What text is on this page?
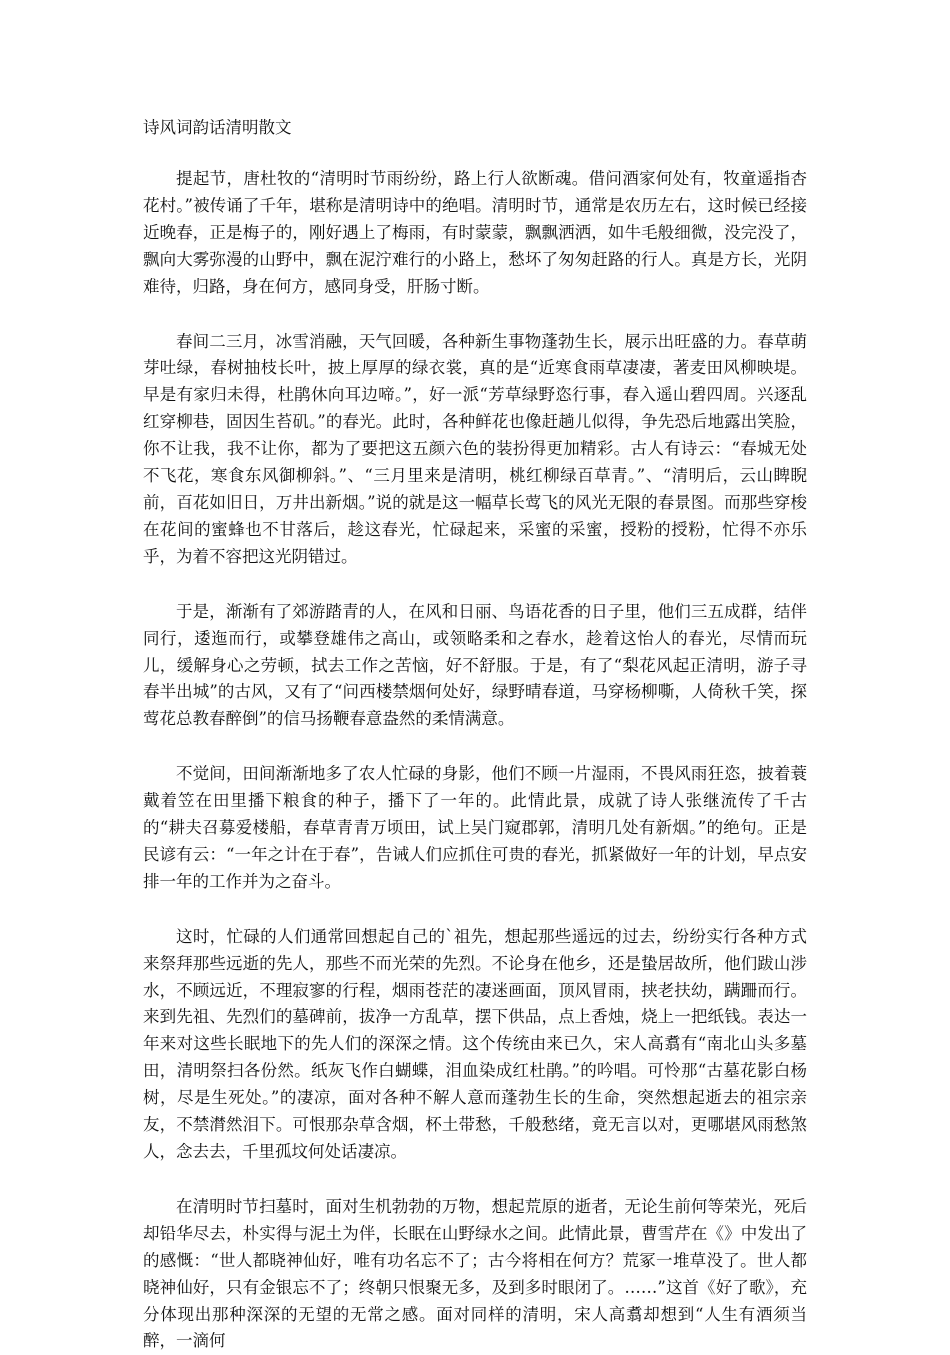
诗风词韵话清明散文

提起节，唐杜牧的“清明时节雨纷纷，路上行人欲断魂。借问酒家何处有，牧童遥指杏花村。”被传诵了千年，堪称是清明诗中的绝唱。清明时节，通常是农历左右，这时候已经接近晚春，正是梅子的，刚好遇上了梅雨，有时蒙蒙，飘飘洒洒，如牛毛般细微，没完没了，飘向大雾弥漫的山野中，飘在泥泞难行的小路上，愁坏了匆匆赶路的行人。真是方长，光阴难待，归路，身在何方，感同身受，肝肠寸断。

春间二三月，冰雪消融，天气回暖，各种新生事物蓬勃生长，展示出旺盛的力。春草萌芽吐绿，春树抽枝长叶，披上厚厚的绿衣裳，真的是“近寒食雨草凄凄，著麦田风柳映堤。早是有家归未得，杜鹃休向耳边啼。”，好一派“芳草绿野恣行事，春入遥山碧四周。兴逐乱红穿柳巷，固因生苔矶。”的春光。此时，各种鲜花也像赶趟儿似得，争先恐后地露出笑脸，你不让我，我不让你，都为了要把这五颜六色的装扮得更加精彩。古人有诗云：“春城无处不飞花，寒食东风御柳斜。”、“三月里来是清明，桃红柳绿百草青。”、“清明后，云山睥睨前，百花如旧日，万井出新烟。”说的就是这一幅草长莺飞的风光无限的春景图。而那些穿梭在花间的蜜蜂也不甘落后，趁这春光，忙碌起来，采蜜的采蜜，授粉的授粉，忙得不亦乐乎，为着不容把这光阴错过。

于是，渐渐有了郊游踏青的人，在风和日丽、鸟语花香的日子里，他们三五成群，结伴同行，逶迤而行，或攀登雄伟之高山，或领略柔和之春水，趁着这怡人的春光，尽情而玩儿，缓解身心之劳顿，拭去工作之苦恼，好不舒服。于是，有了“梨花风起正清明，游子寻春半出城”的古风，又有了“问西楼禁烟何处好，绿野晴春道，马穿杨柳嘶，人倚秋千笑，探莺花总教春醉倒”的信马扬鞭春意盎然的柔情满意。

不觉间，田间渐渐地多了农人忙碌的身影，他们不顾一片湿雨，不畏风雨狂恣，披着蓑戴着笠在田里播下粮食的种子，播下了一年的。此情此景，成就了诗人张继流传了千古的“耕夫召募爱楼船，春草青青万顷田，试上吴门窥郡郭，清明几处有新烟。”的绝句。正是民谚有云：“一年之计在于春”，告诫人们应抓住可贵的春光，抓紧做好一年的计划，早点安排一年的工作并为之奋斗。

这时，忙碌的人们通常回想起自己的`祖先，想起那些遥远的过去，纷纷实行各种方式来祭拜那些远逝的先人，那些不而光荣的先烈。不论身在他乡，还是蛰居故所，他们跋山涉水，不顾远近，不理寂寥的行程，烟雨苍茫的凄迷画面，顶风冒雨，挟老扶幼，蹒跚而行。来到先祖、先烈们的墓碑前，拔净一方乱草，摆下供品，点上香烛，烧上一把纸钱。表达一年来对这些长眠地下的先人们的深深之情。这个传统由来已久，宋人高翥有“南北山头多墓田，清明祭扫各份然。纸灰飞作白蝴蝶，泪血染成红杜鹃。”的吟唱。可怜那“古墓花影白杨树，尽是生死处。”的凄凉，面对各种不解人意而蓬勃生长的生命，突然想起逝去的祖宗亲友，不禁潸然泪下。可恨那杂草含烟，杯土带愁，千般愁绪，竟无言以对，更哪堪风雨愁煞人，念去去，千里孤坟何处话凄凉。

在清明时节扫墓时，面对生机勃勃的万物，想起荒原的逝者，无论生前何等荣光，死后却铅华尽去，朴实得与泥土为伴，长眠在山野绿水之间。此情此景，曹雪芹在《》中发出了的感慨：“世人都晓神仙好，唯有功名忘不了；古今将相在何方？荒冢一堆草没了。世人都晓神仙好，只有金银忘不了；终朝只恨聚无多，及到多时眼闭了。……”这首《好了歌》，充分体现出那种深深的无望的无常之感。面对同样的清明，宋人高翥却想到“人生有酒须当醉，一滴何
